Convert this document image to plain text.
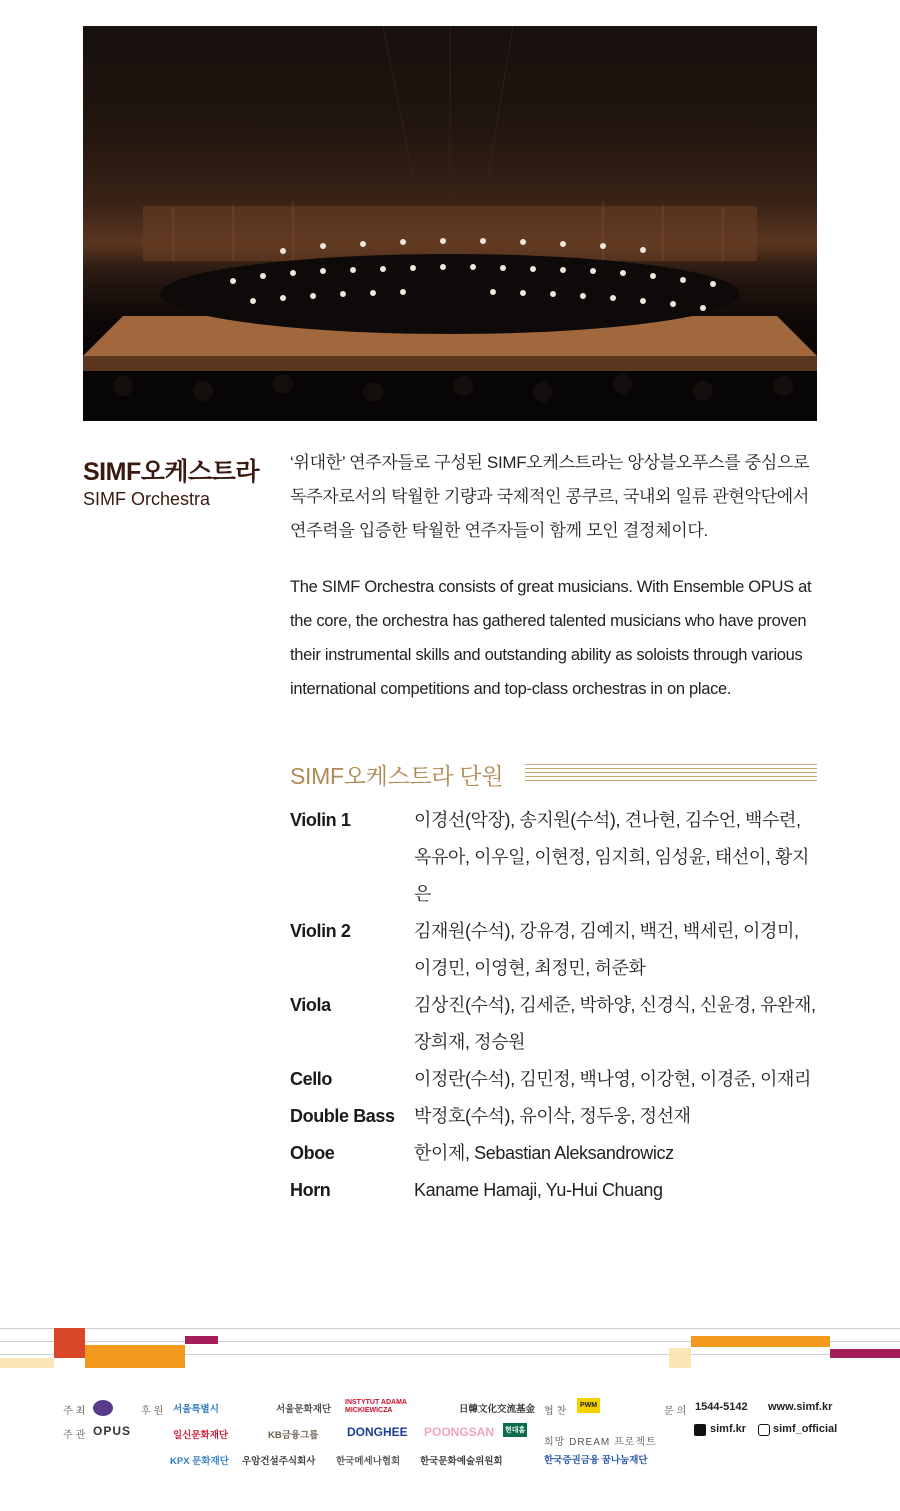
SIMF오케스트라
SIMF Orchestra
‘위대한’ 연주자들로 구성된 SIMF오케스트라는 앙상블오푸스를 중심으로 독주자로서의 탁월한 기량과 국제적인 콩쿠르, 국내외 일류 관현악단에서 연주력을 입증한 탁월한 연주자들이 함께 모인 결정체이다.
The SIMF Orchestra consists of great musicians. With Ensemble OPUS at the core, the orchestra has gathered talented musicians who have proven their instrumental skills and outstanding ability as soloists through various international competitions and top-class orchestras in on place.
SIMF오케스트라 단원
Violin 1	이경선(악장), 송지원(수석), 견나현, 김수언, 백수련, 옥유아, 이우일, 이현정, 임지희, 임성윤, 태선이, 황지은
Violin 2	김재원(수석), 강유경, 김예지, 백건, 백세린, 이경미, 이경민, 이영현, 최정민, 허준화
Viola	김상진(수석), 김세준, 박하양, 신경식, 신윤경, 유완재, 장희재, 정승원
Cello	이정란(수석), 김민정, 백나영, 이강현, 이경준, 이재리
Double Bass	박정호(수석), 유이삭, 정두웅, 정선재
Oboe	한이제, Sebastian Aleksandrowicz
Horn	Kaname Hamaji, Yu-Hui Chuang
주최
주관 OPUS
후원 서울특별시	서울문화재단
INSTYTUT ADAMA MICKIEWICZA	日韓文化交流基金
일신문화재단	KB금융그룹 DONGHEE POONGSAN 현대홈
KPX 문화재단 우암건설주식회사 한국메세나협회 한국문화예술위원회
협찬
PWM
희망 DREAM 프로젝트
한국증권금융 꿈나눔재단
문의 1544-5142 www.simf.kr
simf.kr simf_official
